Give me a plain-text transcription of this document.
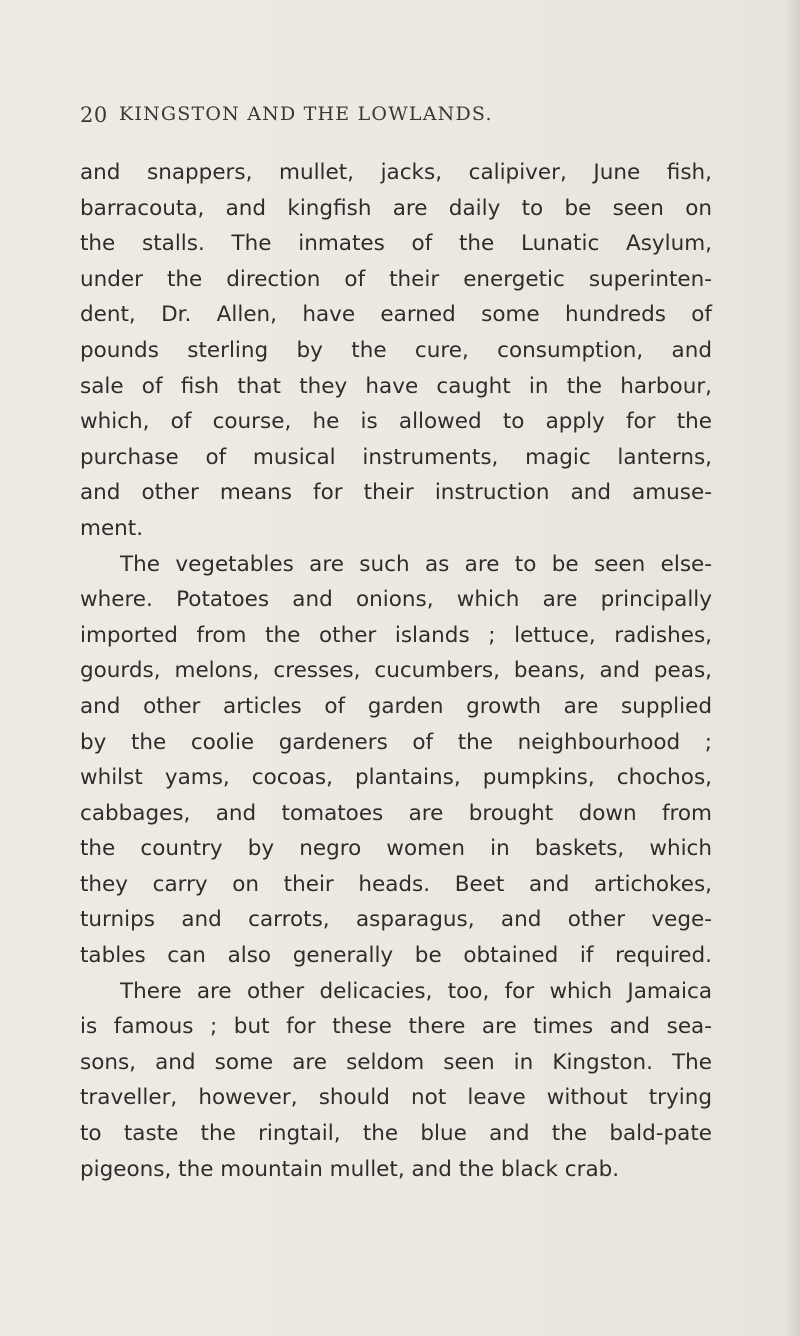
20 KINGSTON AND THE LOWLANDS.
and snappers, mullet, jacks, calipiver, June fish,
barracouta, and kingfish are daily to be seen on
the stalls. The inmates of the Lunatic Asylum,
under the direction of their energetic superinten-
dent, Dr. Allen, have earned some hundreds of
pounds sterling by the cure, consumption, and
sale of fish that they have caught in the harbour,
which, of course, he is allowed to apply for the
purchase of musical instruments, magic lanterns,
and other means for their instruction and amuse-
ment.
The vegetables are such as are to be seen else-
where. Potatoes and onions, which are principally
imported from the other islands ; lettuce, radishes,
gourds, melons, cresses, cucumbers, beans, and peas,
and other articles of garden growth are supplied
by the coolie gardeners of the neighbourhood ;
whilst yams, cocoas, plantains, pumpkins, chochos,
cabbages, and tomatoes are brought down from
the country by negro women in baskets, which
they carry on their heads. Beet and artichokes,
turnips and carrots, asparagus, and other vege-
tables can also generally be obtained if required.
There are other delicacies, too, for which Jamaica
is famous ; but for these there are times and sea-
sons, and some are seldom seen in Kingston. The
traveller, however, should not leave without trying
to taste the ringtail, the blue and the bald-pate
pigeons, the mountain mullet, and the black crab.
